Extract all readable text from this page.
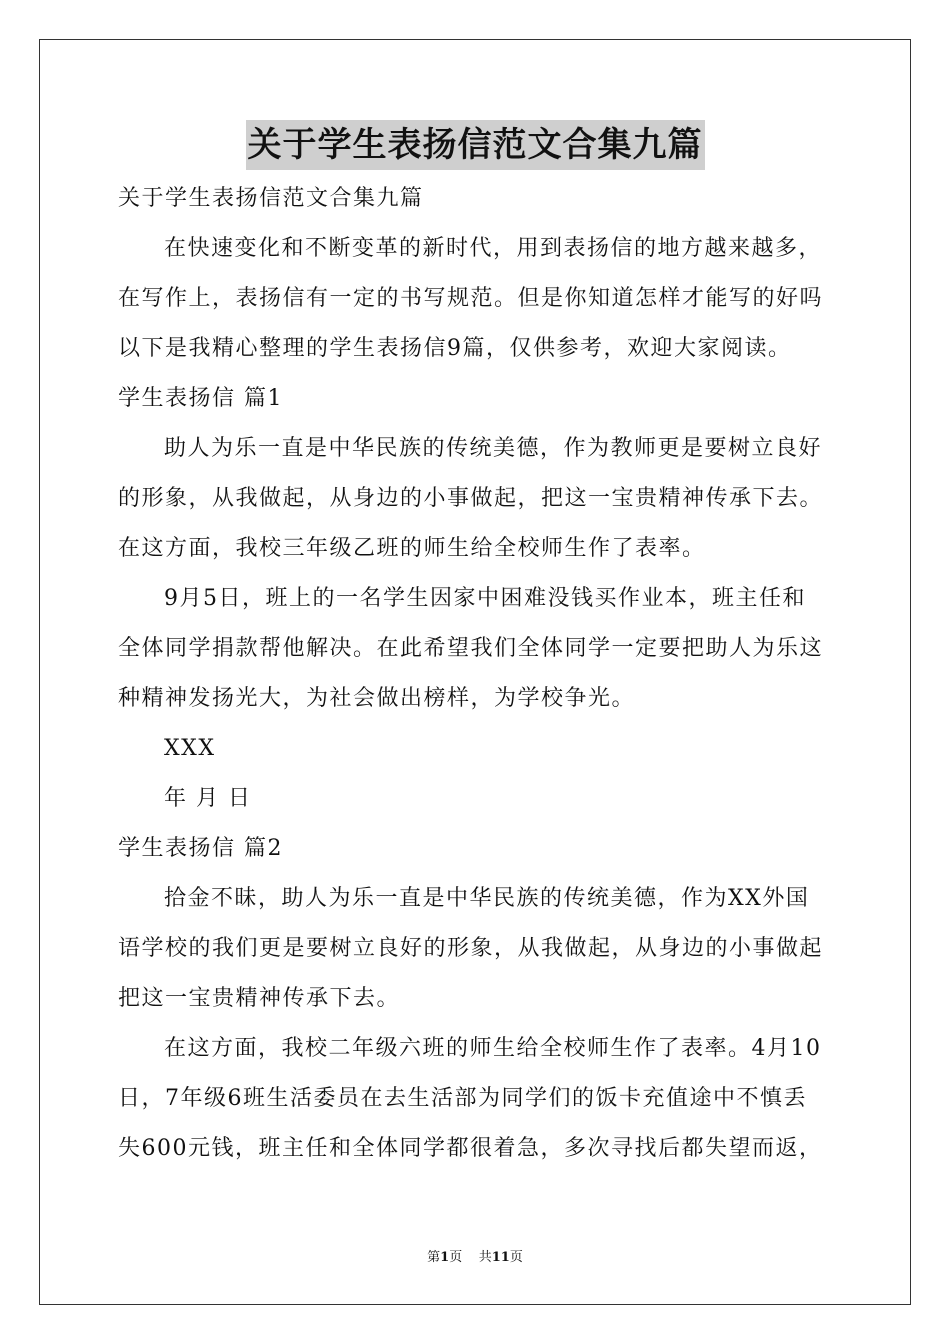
关于学生表扬信范文合集九篇
关于学生表扬信范文合集九篇
在快速变化和不断变革的新时代，用到表扬信的地方越来越多，
在写作上，表扬信有一定的书写规范。但是你知道怎样才能写的好吗
以下是我精心整理的学生表扬信9篇，仅供参考，欢迎大家阅读。
学生表扬信 篇1
助人为乐一直是中华民族的传统美德，作为教师更是要树立良好
的形象，从我做起，从身边的小事做起，把这一宝贵精神传承下去。
在这方面，我校三年级乙班的师生给全校师生作了表率。
9月5日，班上的一名学生因家中困难没钱买作业本，班主任和
全体同学捐款帮他解决。在此希望我们全体同学一定要把助人为乐这
种精神发扬光大，为社会做出榜样，为学校争光。
XXX
年 月 日
学生表扬信 篇2
拾金不昧，助人为乐一直是中华民族的传统美德，作为XX外国
语学校的我们更是要树立良好的形象，从我做起，从身边的小事做起
把这一宝贵精神传承下去。
在这方面，我校二年级六班的师生给全校师生作了表率。4月10
日，7年级6班生活委员在去生活部为同学们的饭卡充值途中不慎丢
失600元钱，班主任和全体同学都很着急，多次寻找后都失望而返，
第1页    共11页
